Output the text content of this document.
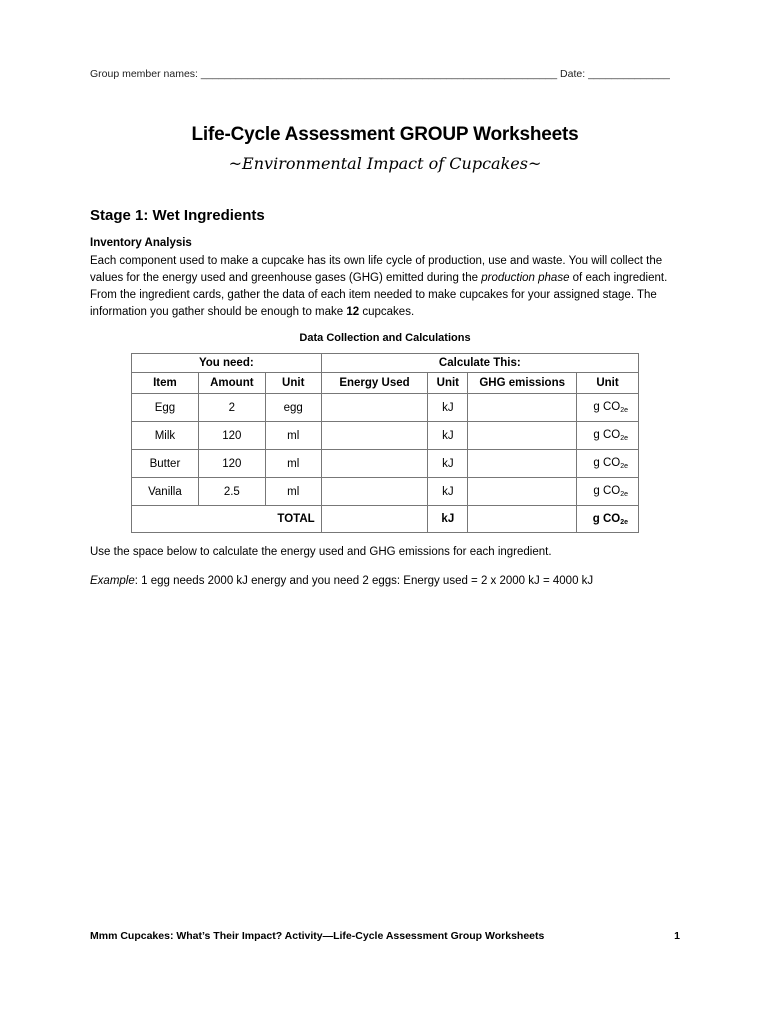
Group member names: _____________________________________________________________ Date: ______________
Life-Cycle Assessment GROUP Worksheets
~Environmental Impact of Cupcakes~
Stage 1: Wet Ingredients
Inventory Analysis
Each component used to make a cupcake has its own life cycle of production, use and waste. You will collect the values for the energy used and greenhouse gases (GHG) emitted during the production phase of each ingredient. From the ingredient cards, gather the data of each item needed to make cupcakes for your assigned stage. The information you gather should be enough to make 12 cupcakes.
Data Collection and Calculations
You need:			Calculate This:			
Item	Amount	Unit	Energy Used	Unit	GHG emissions	Unit
Egg	2	egg		kJ		g $CO_{2e}$
Milk	120	ml		kJ		g $CO_{2e}$
Butter	120	ml		kJ		g $CO_{2e}$
Vanilla	2.5	ml		kJ		g $CO_{2e}$
TOTAL				kJ		g $CO_{2e}$
Use the space below to calculate the energy used and GHG emissions for each ingredient.
Example: 1 egg needs 2000 kJ energy and you need 2 eggs: Energy used = 2 x 2000 kJ = 4000 kJ
Mmm Cupcakes: What’s Their Impact? Activity—Life-Cycle Assessment Group Worksheets	1
